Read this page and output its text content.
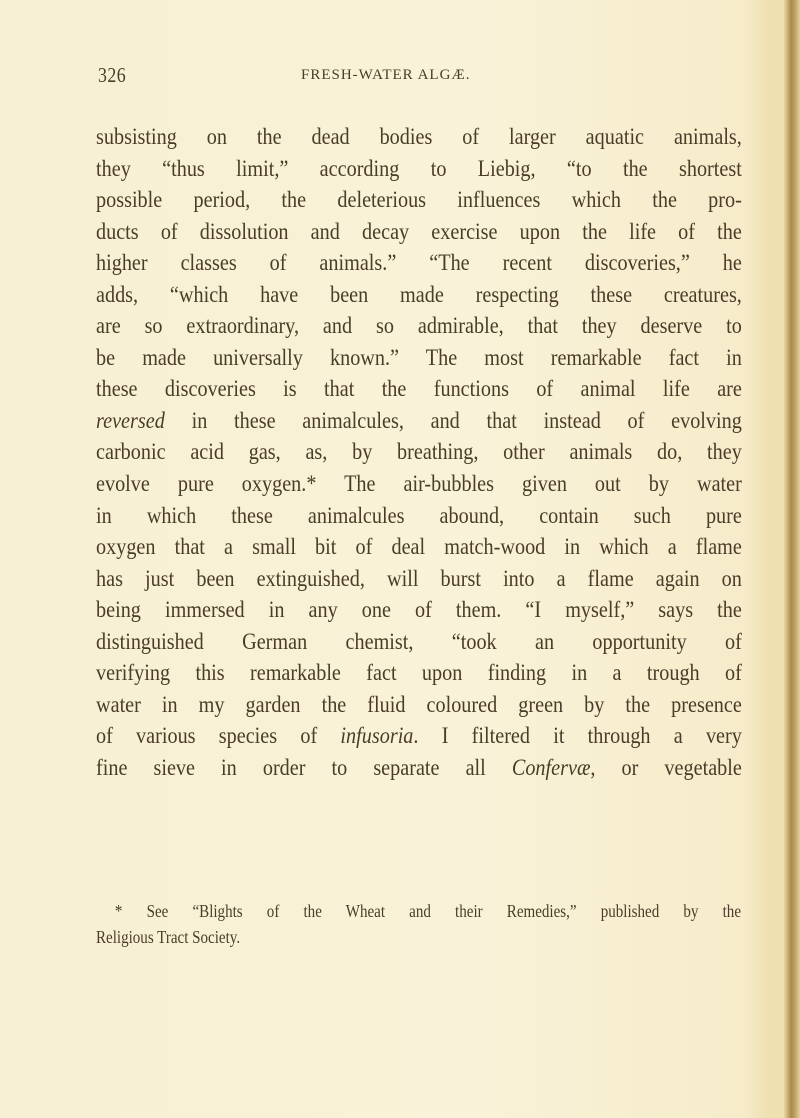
326	FRESH-WATER ALGÆ.
subsisting on the dead bodies of larger aquatic animals,
they “thus limit,” according to Liebig, “to the shortest
possible period, the deleterious influences which the pro-
ducts of dissolution and decay exercise upon the life of the
higher classes of animals.” “The recent discoveries,” he
adds, “which have been made respecting these creatures,
are so extraordinary, and so admirable, that they deserve to
be made universally known.” The most remarkable fact in
these discoveries is that the functions of animal life are
reversed in these animalcules, and that instead of evolving
carbonic acid gas, as, by breathing, other animals do, they
evolve pure oxygen.* The air-bubbles given out by water
in which these animalcules abound, contain such pure
oxygen that a small bit of deal match-wood in which a flame
has just been extinguished, will burst into a flame again on
being immersed in any one of them. “I myself,” says the
distinguished German chemist, “took an opportunity of
verifying this remarkable fact upon finding in a trough of
water in my garden the fluid coloured green by the presence
of various species of infusoria. I filtered it through a very
fine sieve in order to separate all Confervæ, or vegetable
* See “Blights of the Wheat and their Remedies,” published by the
Religious Tract Society.
